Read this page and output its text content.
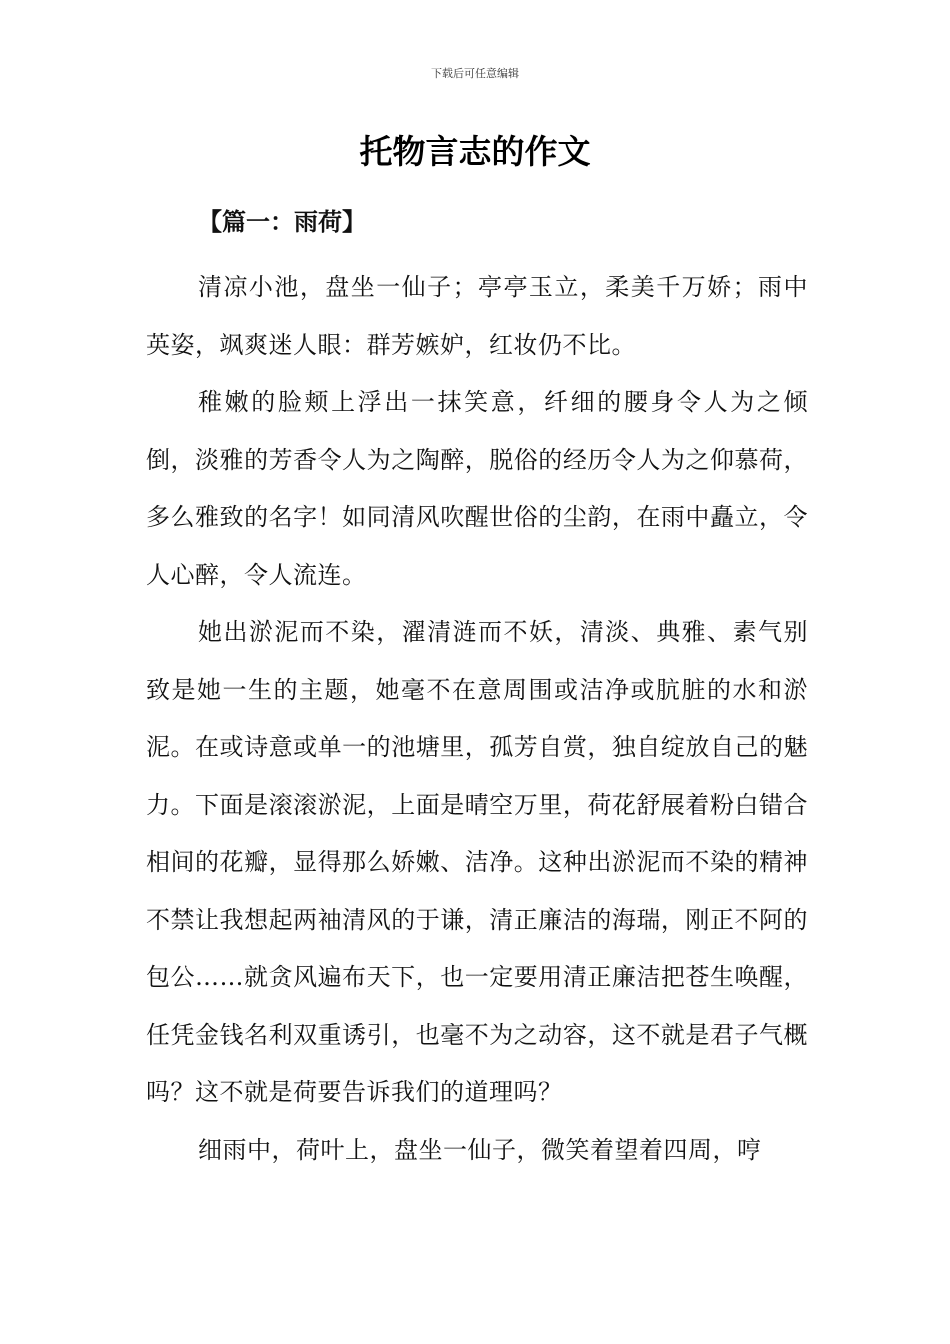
下载后可任意编辑
托物言志的作文
【篇一：雨荷】

清凉小池，盘坐一仙子；亭亭玉立，柔美千万娇；雨中英姿，飒爽迷人眼：群芳嫉妒，红妆仍不比。

稚嫩的脸颊上浮出一抹笑意，纤细的腰身令人为之倾倒，淡雅的芳香令人为之陶醉，脱俗的经历令人为之仰慕荷，多么雅致的名字！如同清风吹醒世俗的尘韵，在雨中矗立，令人心醉，令人流连。

她出淤泥而不染，濯清涟而不妖，清淡、典雅、素气别致是她一生的主题，她毫不在意周围或洁净或肮脏的水和淤泥。在或诗意或单一的池塘里，孤芳自赏，独自绽放自己的魅力。下面是滚滚淤泥，上面是晴空万里，荷花舒展着粉白错合相间的花瓣，显得那么娇嫩、洁净。这种出淤泥而不染的精神不禁让我想起两袖清风的于谦，清正廉洁的海瑞，刚正不阿的包公……就贪风遍布天下，也一定要用清正廉洁把苍生唤醒，任凭金钱名利双重诱引，也毫不为之动容，这不就是君子气概吗？这不就是荷要告诉我们的道理吗？

细雨中，荷叶上，盘坐一仙子，微笑着望着四周，哼
